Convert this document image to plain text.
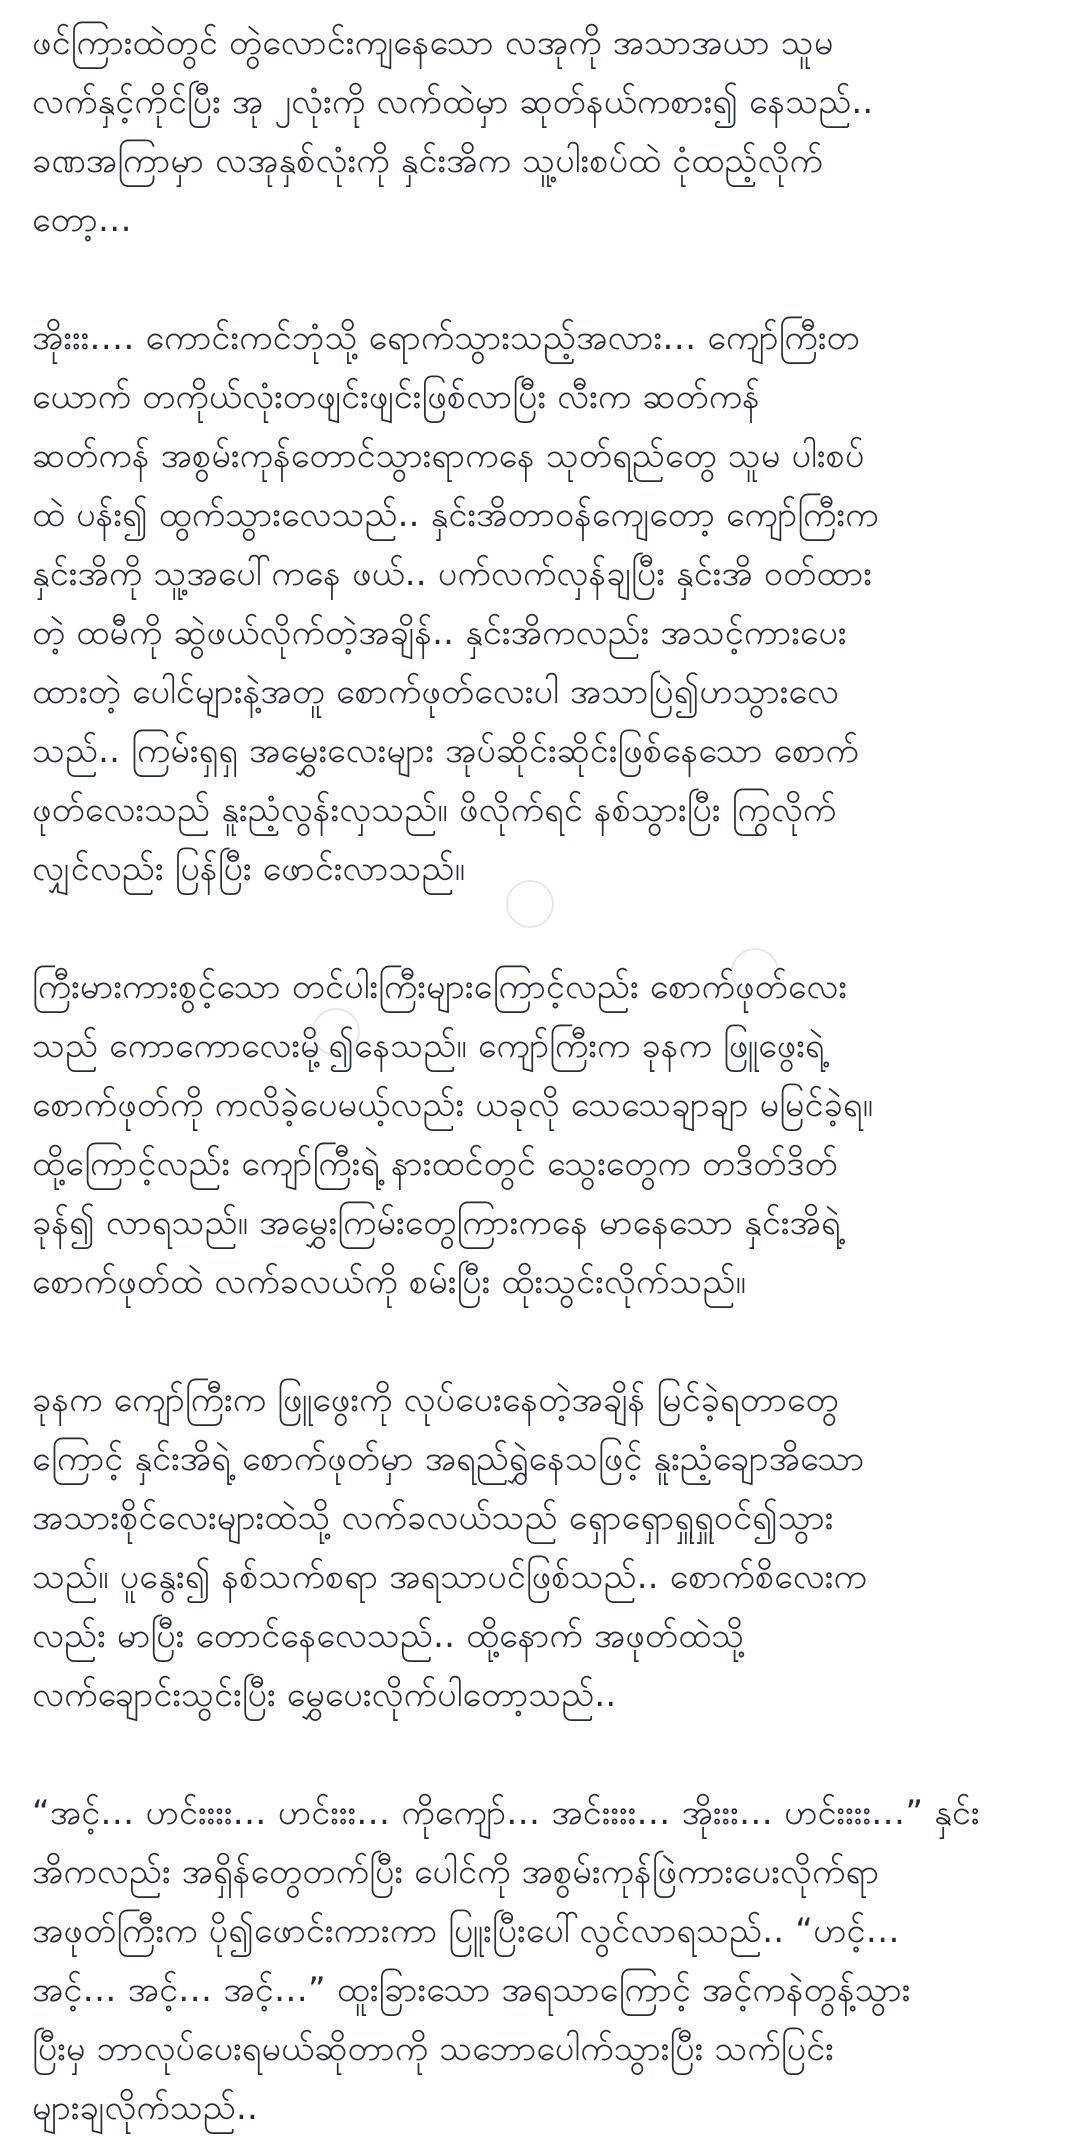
ဖင်ကြားထဲတွင် တွဲလောင်းကျနေသော လအုကို အသာအယာ သူမ
လက်နှင့်ကိုင်ပြီး အု ၂လုံးကို လက်ထဲမှာ ဆုတ်နယ်ကစား၍ နေသည်..
ခဏအကြာမှာ လအုနှစ်လုံးကို နှင်းအိက သူ့ပါးစပ်ထဲ ငုံထည့်လိုက်
တော့…

အိုးးး…. ကောင်းကင်ဘုံသို့ ရောက်သွားသည့်အလား… ကျော်ကြီးတ
ယောက် တကိုယ်လုံးတဖျင်းဖျင်းဖြစ်လာပြီး လီးက ဆတ်ကန်
ဆတ်ကန် အစွမ်းကုန်တောင်သွားရာကနေ သုတ်ရည်တွေ သူမ ပါးစပ်
ထဲ ပန်း၍ ထွက်သွားလေသည်.. နှင်းအိတာဝန်ကျေတော့ ကျော်ကြီးက
နှင်းအိကို သူ့အပေါ်ကနေ ဖယ်.. ပက်လက်လှန်ချပြီး နှင်းအိ ဝတ်ထား
တဲ့ ထမီကို ဆွဲဖယ်လိုက်တဲ့အချိန်.. နှင်းအိကလည်း အသင့်ကားပေး
ထားတဲ့ ပေါင်များနဲ့အတူ စောက်ဖုတ်လေးပါ အသာပြဲ၍ဟသွားလေ
သည်.. ကြမ်းရှရှ အမွှေးလေးများ အုပ်ဆိုင်းဆိုင်းဖြစ်နေသော စောက်
ဖုတ်လေးသည် နူးညံ့လွန်းလှသည်။ ဖိလိုက်ရင် နစ်သွားပြီး ကြွလိုက်
လျှင်လည်း ပြန်ပြီး ဖောင်းလာသည်။

ကြီးမားကားစွင့်သော တင်ပါးကြီးများကြောင့်လည်း စောက်ဖုတ်လေး
သည် ကောကောလေးမို့၍နေသည်။ ကျော်ကြီးက ခုနက ဖြူဖွေးရဲ့
စောက်ဖုတ်ကို ကလိခဲ့ပေမယ့်လည်း ယခုလို သေသေချာချာ မမြင်ခဲ့ရ။
ထို့ကြောင့်လည်း ကျော်ကြီးရဲ့ နားထင်တွင် သွေးတွေက တဒိတ်ဒိတ်
ခုန်၍ လာရသည်။ အမွှေးကြမ်းတွေကြားကနေ မာနေသော နှင်းအိရဲ့
စောက်ဖုတ်ထဲ လက်ခလယ်ကို စမ်းပြီး ထိုးသွင်းလိုက်သည်။

ခုနက ကျော်ကြီးက ဖြူဖွေးကို လုပ်ပေးနေတဲ့အချိန် မြင်ခဲ့ရတာတွေ
ကြောင့် နှင်းအိရဲ့ စောက်ဖုတ်မှာ အရည်ရွှဲနေသဖြင့် နူးညံ့ချောအိသော
အသားစိုင်လေးများထဲသို့ လက်ခလယ်သည် ရှောရှောရှူရှူဝင်၍သွား
သည်။ ပူနွေး၍ နစ်သက်စရာ အရသာပင်ဖြစ်သည်.. စောက်စိလေးက
လည်း မာပြီး တောင်နေလေသည်.. ထို့နောက် အဖုတ်ထဲသို့
လက်ချောင်းသွင်းပြီး မွှေပေးလိုက်ပါတော့သည်..

“အင့်… ဟင်းးးး… ဟင်းးး… ကိုကျော်… အင်းးးး… အိုးးး… ဟင်းးးး…” နှင်း
အိကလည်း အရှိန်တွေတက်ပြီး ပေါင်ကို အစွမ်းကုန်ဖြဲကားပေးလိုက်ရာ
အဖုတ်ကြီးက ပို၍ဖောင်းကားကာ ပြူးပြီးပေါ်လွင်လာရသည်.. “ဟင့်…
အင့်… အင့်… အင့်…” ထူးခြားသော အရသာကြောင့် အင့်ကနဲတွန့်သွား
ပြီးမှ ဘာလုပ်ပေးရမယ်ဆိုတာကို သဘောပေါက်သွားပြီး သက်ပြင်း
များချလိုက်သည်..
